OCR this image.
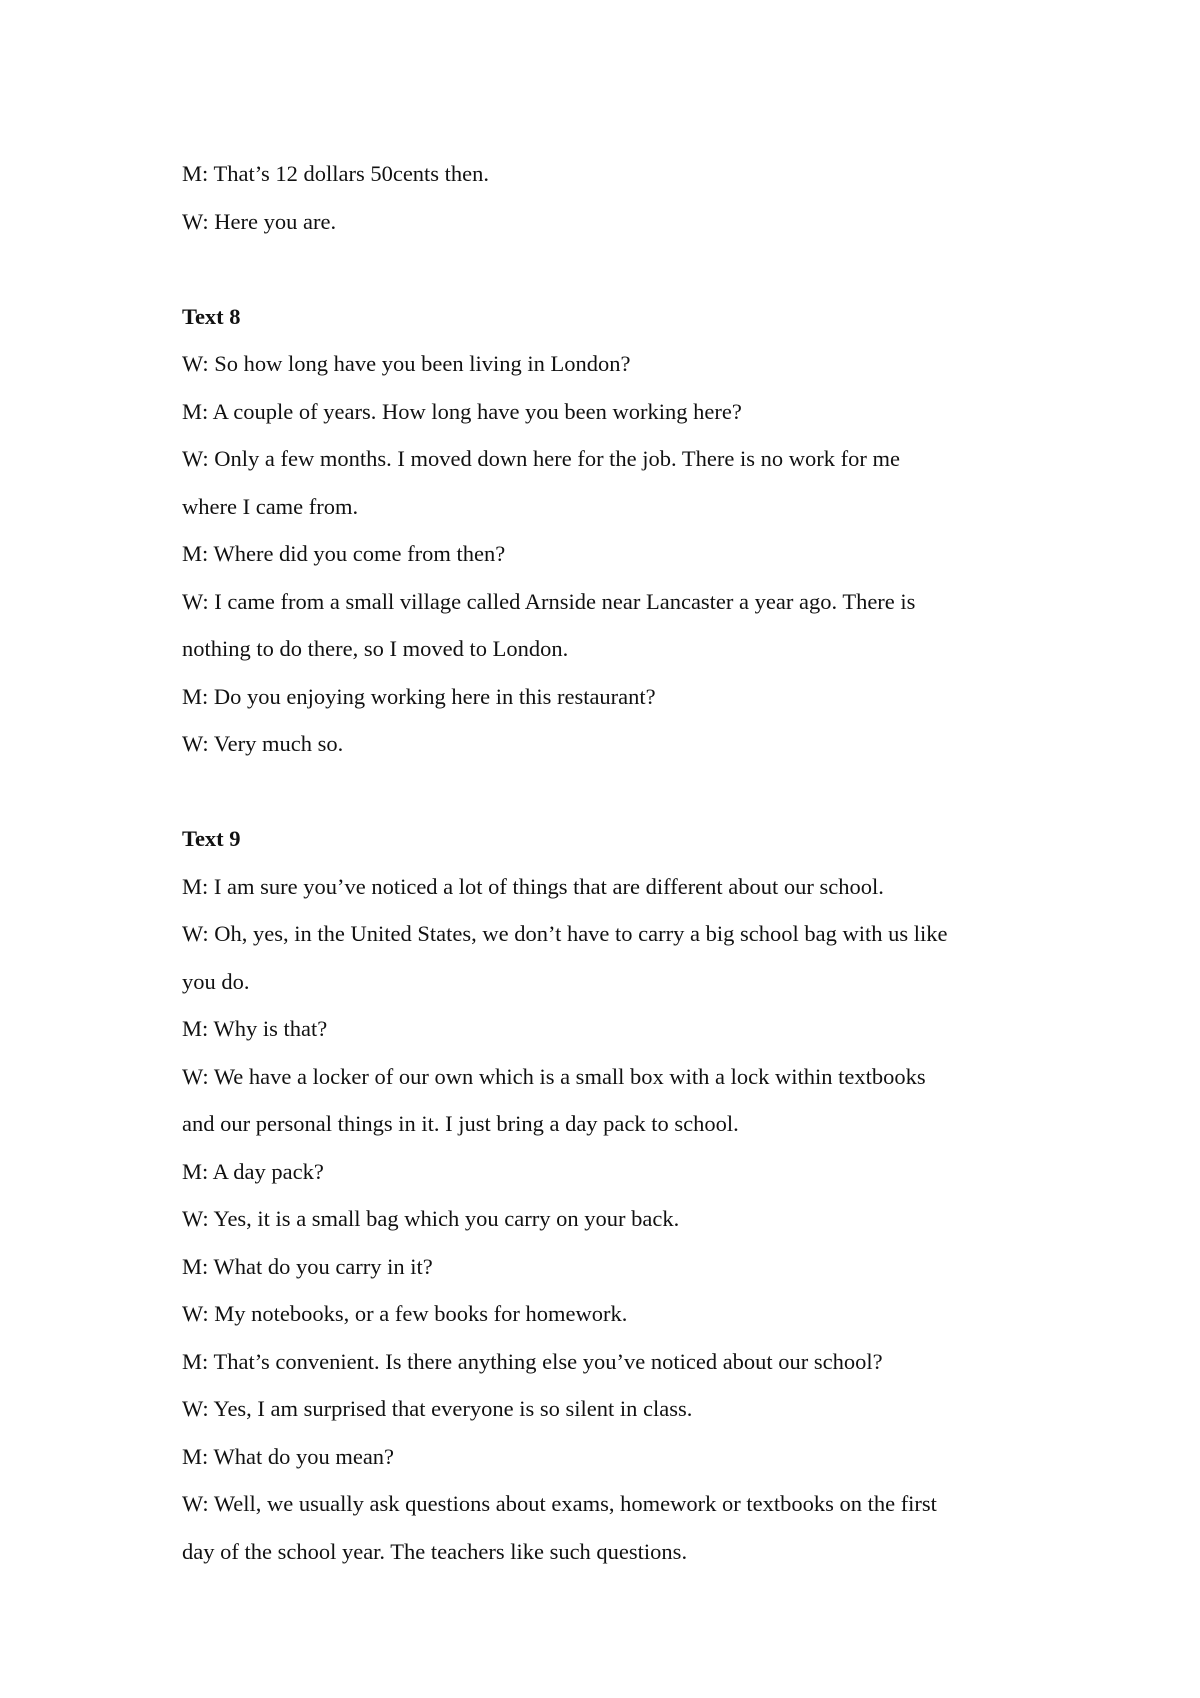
M: That’s 12 dollars 50cents then.

W: Here you are.

Text 8

W: So how long have you been living in London?

M: A couple of years. How long have you been working here?

W: Only a few months. I moved down here for the job. There is no work for me

where I came from.

M: Where did you come from then?

W: I came from a small village called Arnside near Lancaster a year ago. There is

nothing to do there, so I moved to London.

M: Do you enjoying working here in this restaurant?

W: Very much so.

Text 9

M: I am sure you’ve noticed a lot of things that are different about our school.

W: Oh, yes, in the United States, we don’t have to carry a big school bag with us like

you do.

M: Why is that?

W: We have a locker of our own which is a small box with a lock within textbooks

and our personal things in it. I just bring a day pack to school.

M: A day pack?

W: Yes, it is a small bag which you carry on your back.

M: What do you carry in it?

W: My notebooks, or a few books for homework.

M: That’s convenient. Is there anything else you’ve noticed about our school?

W: Yes, I am surprised that everyone is so silent in class.

M: What do you mean?

W: Well, we usually ask questions about exams, homework or textbooks on the first

day of the school year. The teachers like such questions.
